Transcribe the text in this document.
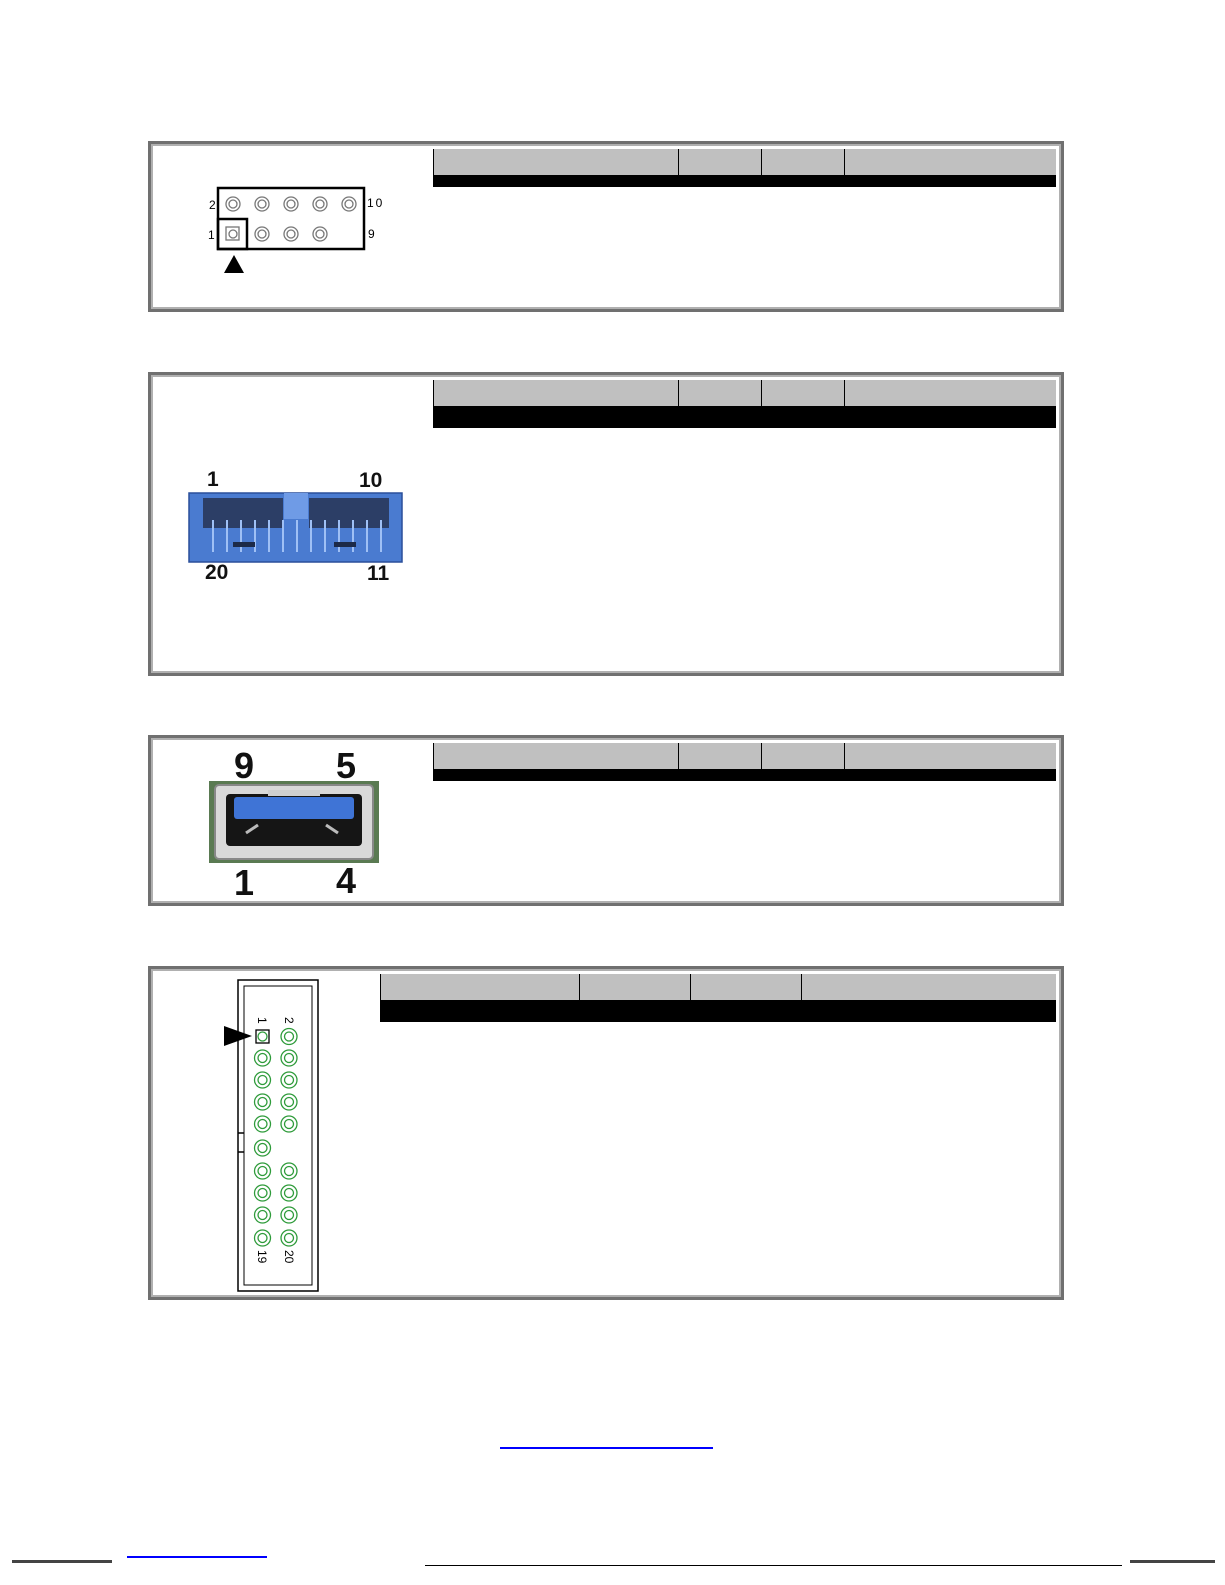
2	10
1	9

1	10
20	11

9 5
1 4

1 2
19 20
